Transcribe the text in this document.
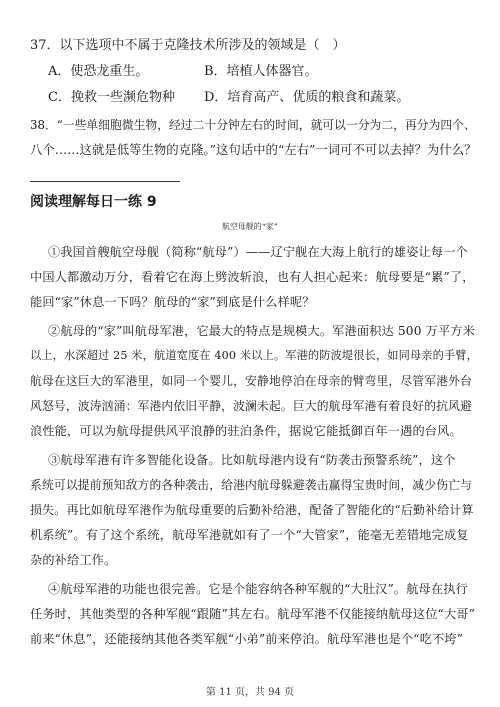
37．以下选项中不属于克隆技术所涉及的领域是（　）
A．使恐龙重生。	B．培植人体器官。
C．挽救一些濒危物种 D．培育高产、优质的粮食和蔬菜。
38．“一些单细胞微生物，经过二十分钟左右的时间，就可以一分为二，再分为四个、
八个……这就是低等生物的克隆。”这句话中的“左右”一词可不可以去掉？为什么？
阅读理解每日一练 9
航空母舰的“家”
①我国首艘航空母舰（简称“航母”）——辽宁舰在大海上航行的雄姿让每一个
中国人都激动万分，看着它在海上劈波斩浪，也有人担心起来：航母要是“累”了，
能回“家”休息一下吗？航母的“家”到底是什么样呢？
②航母的“家”叫航母军港，它最大的特点是规模大。军港面积达 500 万平方米
以上，水深超过 25 米，航道宽度在 400 米以上。军港的防波堤很长，如同母亲的手臂，
航母在这巨大的军港里，如同一个婴儿，安静地停泊在母亲的臂弯里，尽管军港外台
风怒号，波涛汹涌：军港内依旧平静，波澜未起。巨大的航母军港有着良好的抗风避
浪性能，可以为航母提供风平浪静的驻泊条件，据说它能抵御百年一遇的台风。
③航母军港有许多智能化设备。比如航母港内设有“防袭击预警系统”，这个
系统可以提前预知敌方的各种袭击，给港内航母躲避袭击赢得宝贵时间，减少伤亡与
损失。再比如航母军港作为航母重要的后勤补给港，配备了智能化的“后勤补给计算
机系统”。有了这个系统，航母军港就如有了一个“大管家”，能毫无差错地完成复
杂的补给工作。
④航母军港的功能也很完善。它是个能容纳各种军舰的“大肚汉”。航母在执行
任务时，其他类型的各种军舰“跟随”其左右。航母军港不仅能接纳航母这位“大哥”
前来“休息”，还能接纳其他各类军舰“小弟”前来停泊。航母军港也是个“吃不垮”
第 11 页，共 94 页
